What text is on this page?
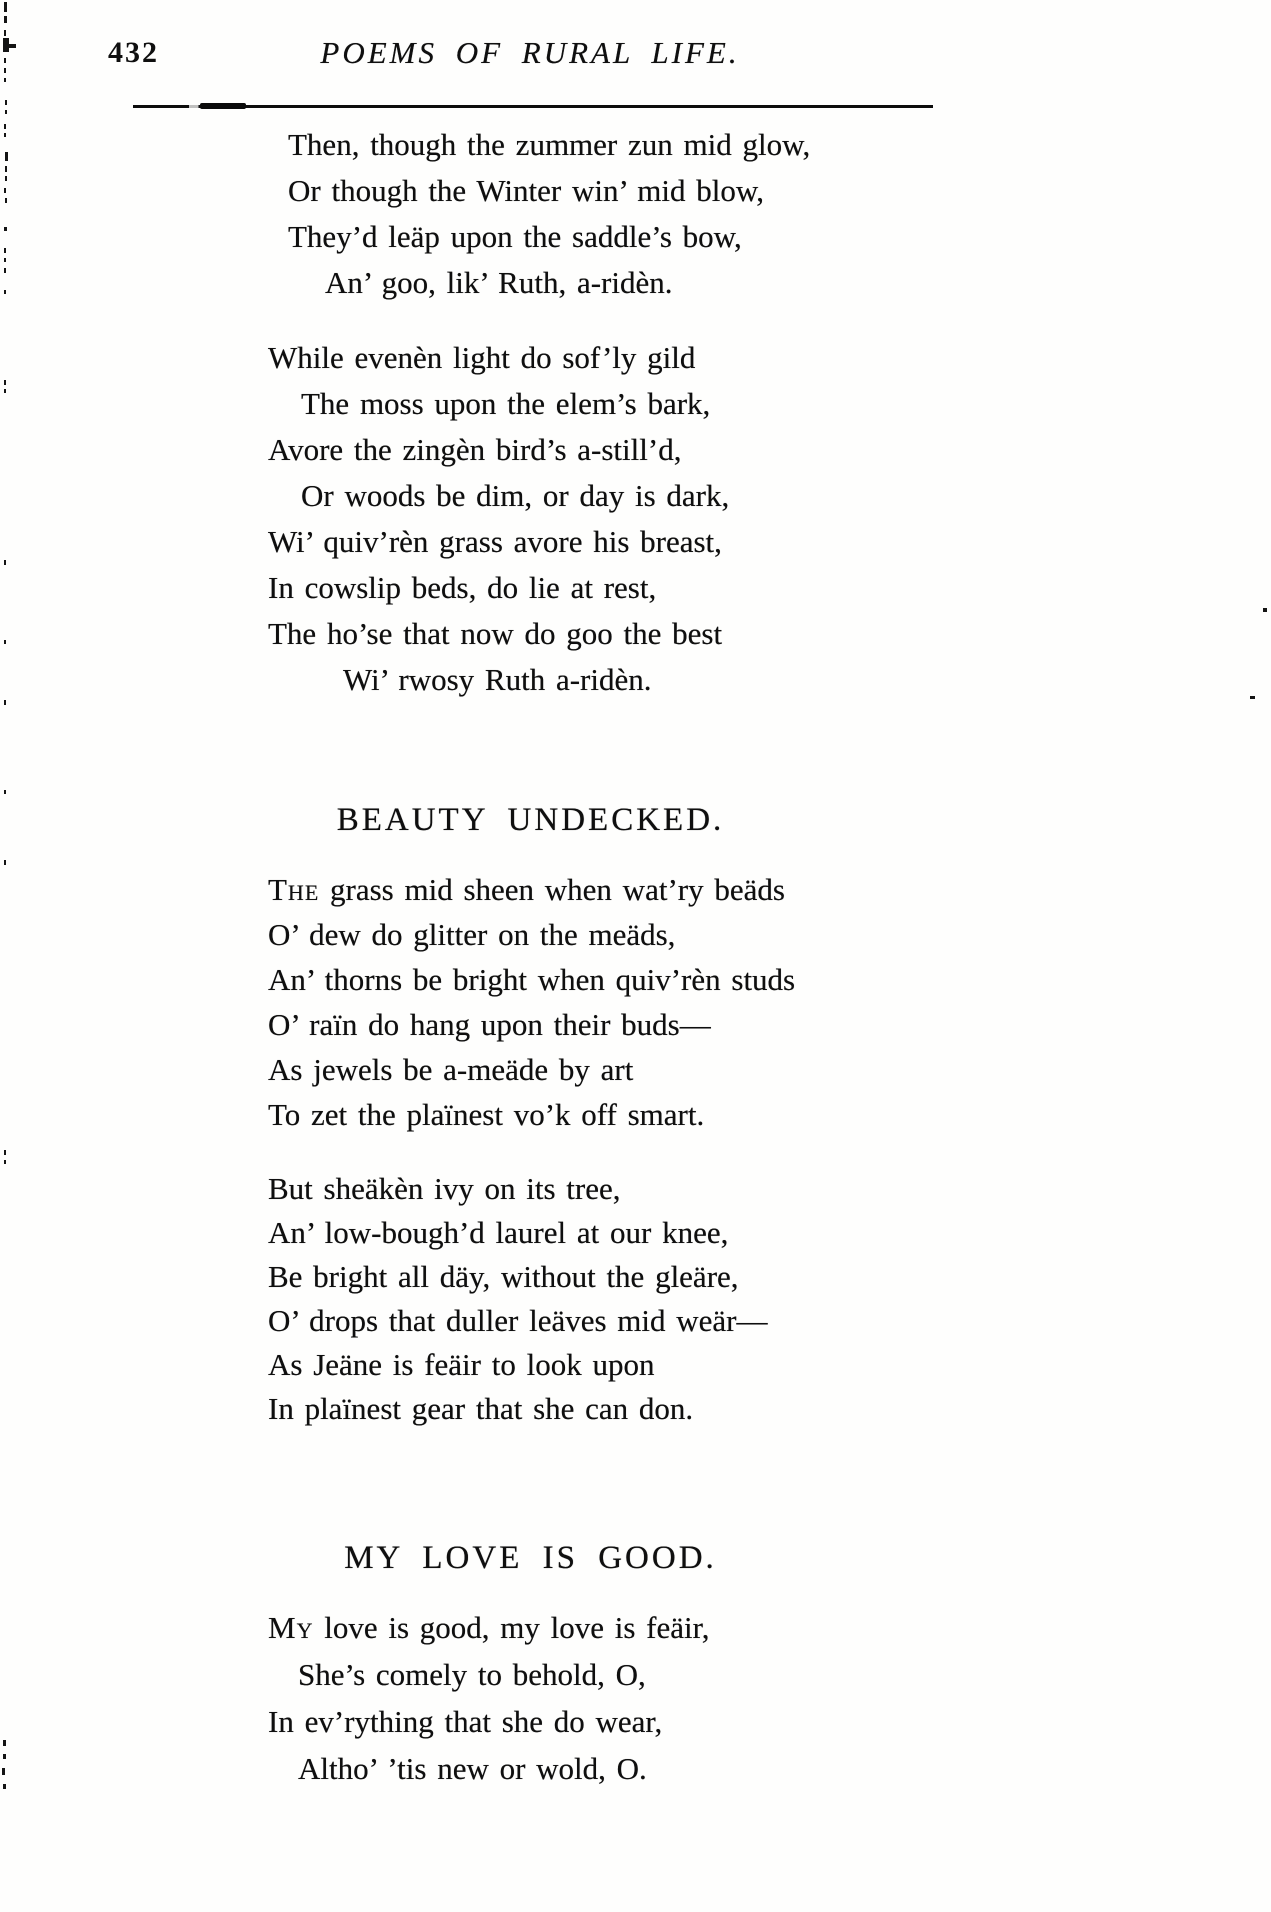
432	POEMS OF RURAL LIFE.
Then, though the zummer zun mid glow,
Or though the Winter win’ mid blow,
They’d leäp upon the saddle’s bow,
An’ goo, lik’ Ruth, a-ridèn.
While evenèn light do sof’ly gild
The moss upon the elem’s bark,
Avore the zingèn bird’s a-still’d,
Or woods be dim, or day is dark,
Wi’ quiv’rèn grass avore his breast,
In cowslip beds, do lie at rest,
The ho’se that now do goo the best
Wi’ rwosy Ruth a-ridèn.
BEAUTY UNDECKED.
The grass mid sheen when wat’ry beäds
O’ dew do glitter on the meäds,
An’ thorns be bright when quiv’rèn studs
O’ raïn do hang upon their buds—
As jewels be a-meäde by art
To zet the plaïnest vo’k off smart.
But sheäkèn ivy on its tree,
An’ low-bough’d laurel at our knee,
Be bright all däy, without the gleäre,
O’ drops that duller leäves mid weär—
As Jeäne is feäir to look upon
In plaïnest gear that she can don.
MY LOVE IS GOOD.
My love is good, my love is feäir,
She’s comely to behold, O,
In ev’rything that she do wear,
Altho’ ’tis new or wold, O.
